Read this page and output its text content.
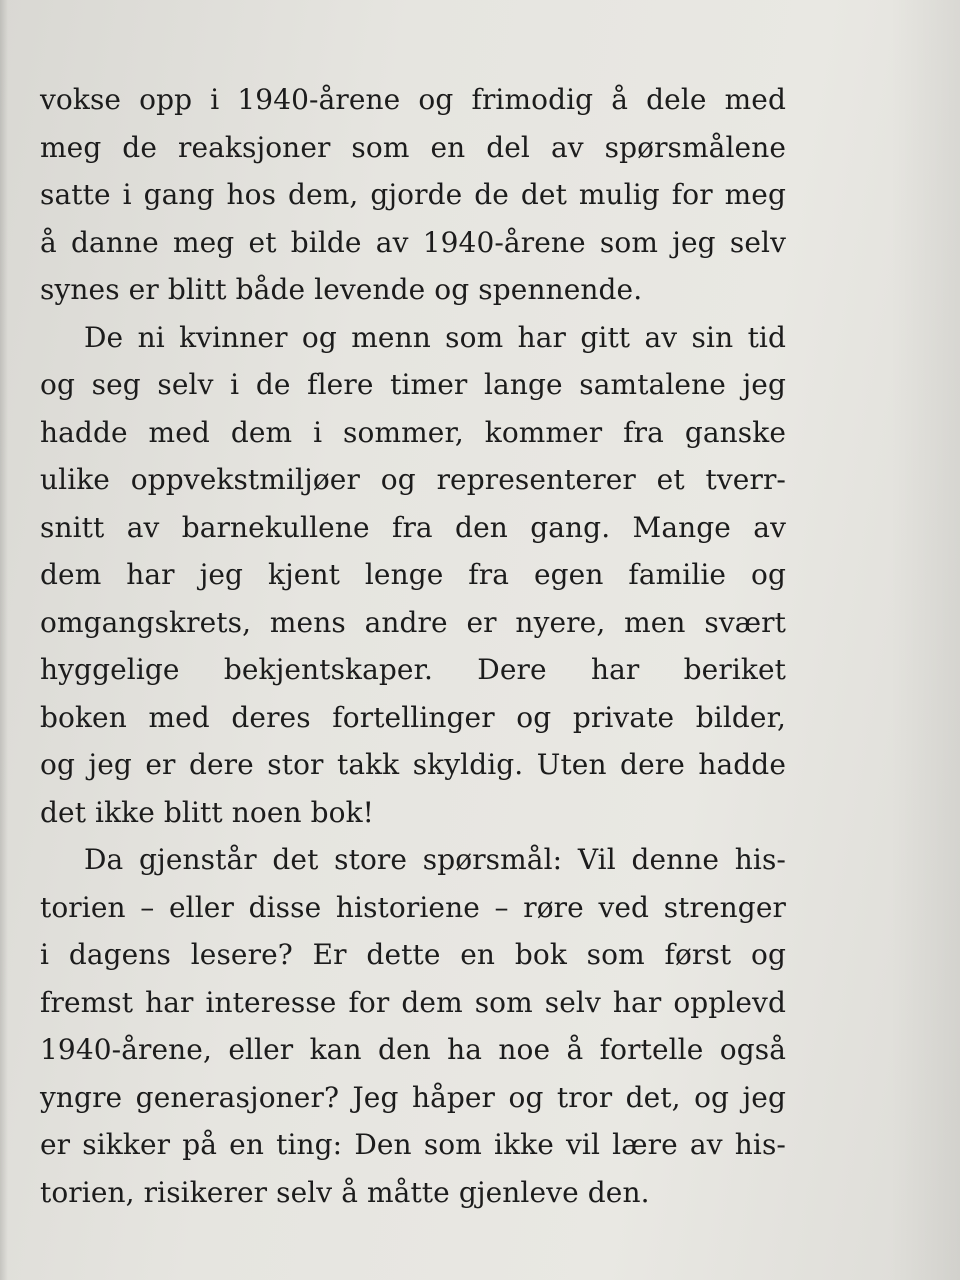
vokse opp i 1940-årene og frimodig å dele med
meg de reaksjoner som en del av spørsmålene
satte i gang hos dem, gjorde de det mulig for meg
å danne meg et bilde av 1940-årene som jeg selv
synes er blitt både levende og spennende.
De ni kvinner og menn som har gitt av sin tid
og seg selv i de flere timer lange samtalene jeg
hadde med dem i sommer, kommer fra ganske
ulike oppvekstmiljøer og representerer et tverr-
snitt av barnekullene fra den gang. Mange av
dem har jeg kjent lenge fra egen familie og
omgangskrets, mens andre er nyere, men svært
hyggelige bekjentskaper. Dere har beriket
boken med deres fortellinger og private bilder,
og jeg er dere stor takk skyldig. Uten dere hadde
det ikke blitt noen bok!
Da gjenstår det store spørsmål: Vil denne his-
torien – eller disse historiene – røre ved strenger
i dagens lesere? Er dette en bok som først og
fremst har interesse for dem som selv har opplevd
1940-årene, eller kan den ha noe å fortelle også
yngre generasjoner? Jeg håper og tror det, og jeg
er sikker på en ting: Den som ikke vil lære av his-
torien, risikerer selv å måtte gjenleve den.
